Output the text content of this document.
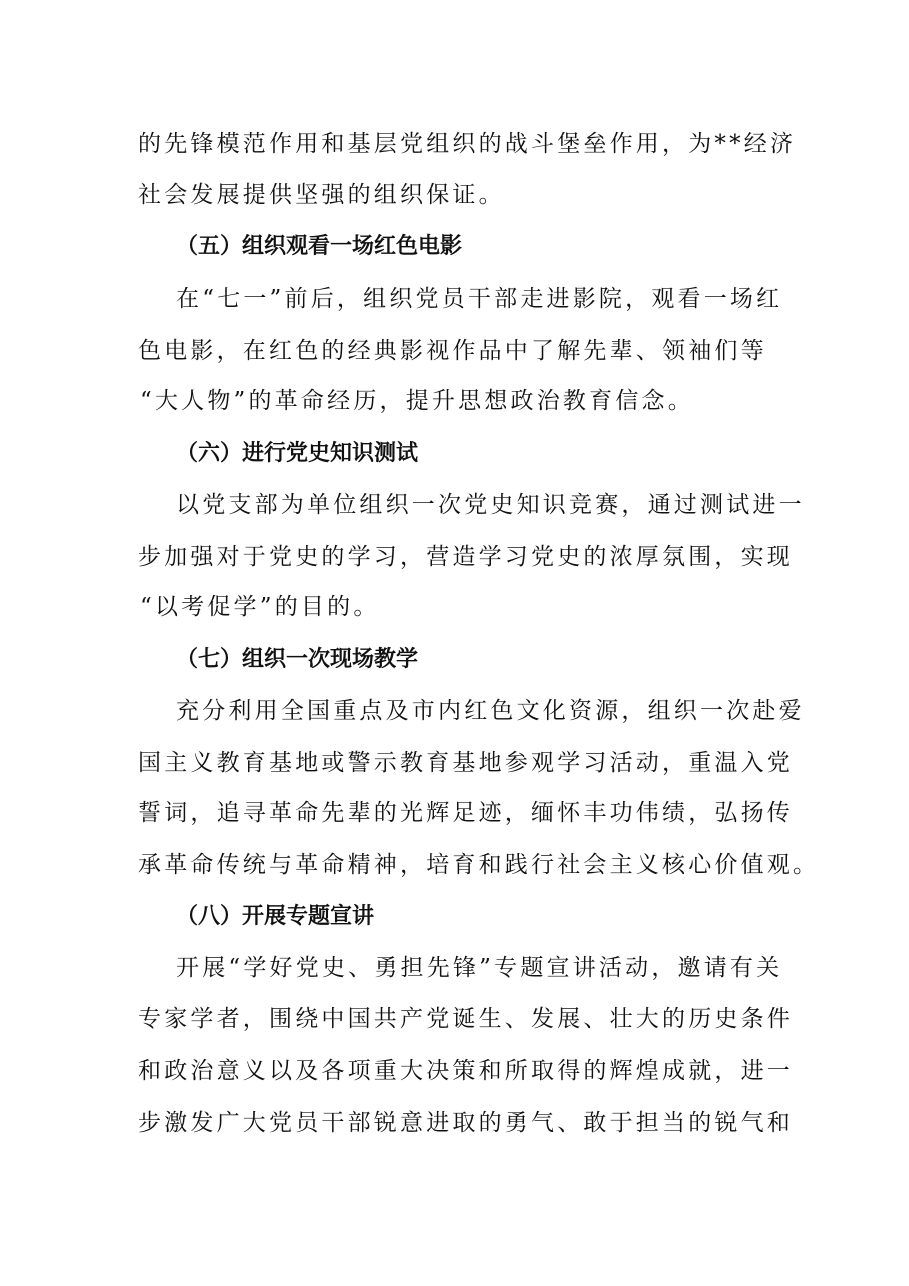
的先锋模范作用和基层党组织的战斗堡垒作用，为**经济
社会发展提供坚强的组织保证。
（五）组织观看一场红色电影
在“七一”前后，组织党员干部走进影院，观看一场红
色电影，在红色的经典影视作品中了解先辈、领袖们等
“大人物”的革命经历，提升思想政治教育信念。
（六）进行党史知识测试
以党支部为单位组织一次党史知识竞赛，通过测试进一
步加强对于党史的学习，营造学习党史的浓厚氛围，实现
“以考促学”的目的。
（七）组织一次现场教学
充分利用全国重点及市内红色文化资源，组织一次赴爱
国主义教育基地或警示教育基地参观学习活动，重温入党
誓词，追寻革命先辈的光辉足迹，缅怀丰功伟绩，弘扬传
承革命传统与革命精神，培育和践行社会主义核心价值观。
（八）开展专题宣讲
开展“学好党史、勇担先锋”专题宣讲活动，邀请有关
专家学者，围绕中国共产党诞生、发展、壮大的历史条件
和政治意义以及各项重大决策和所取得的辉煌成就，进一
步激发广大党员干部锐意进取的勇气、敢于担当的锐气和
